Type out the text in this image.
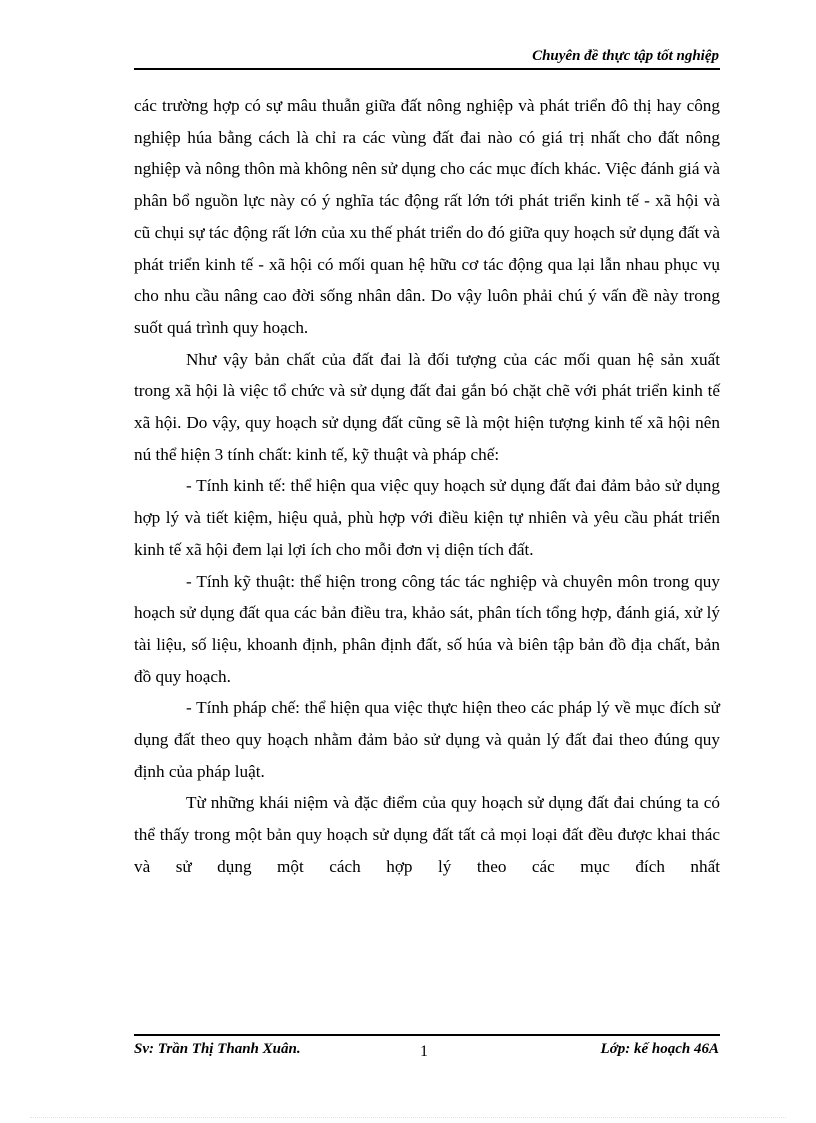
Chuyên đề thực tập tốt nghiệp

các trường hợp có sự mâu thuẫn giữa đất nông nghiệp và phát triển đô thị hay công nghiệp húa bằng cách là chỉ ra các vùng đất đai nào có giá trị nhất cho đất nông nghiệp và nông thôn mà không nên sử dụng cho các mục đích khác. Việc đánh giá và phân bổ nguồn lực này có ý nghĩa tác động rất lớn tới phát triển kinh tế - xã hội và cũ chụi sự tác động rất lớn của xu thế phát triển do đó giữa quy hoạch sử dụng đất và phát triển kinh tế - xã hội có mối quan hệ hữu cơ tác động qua lại lẫn nhau phục vụ cho nhu cầu nâng cao đời sống nhân dân. Do vậy luôn phải chú ý vấn đề này trong suốt quá trình quy hoạch.

Như vậy bản chất của đất đai là đối tượng của các mối quan hệ sản xuất trong xã hội là việc tổ chức và sử dụng đất đai gắn bó chặt chẽ với phát triển kinh tế xã hội. Do vậy, quy hoạch sử dụng đất cũng sẽ là một hiện tượng kinh tế xã hội nên nú thể hiện 3 tính chất: kinh tế, kỹ thuật và pháp chế:

- Tính kinh tế: thể hiện qua việc quy hoạch sử dụng đất đai đảm bảo sử dụng hợp lý và tiết kiệm, hiệu quả, phù hợp với điều kiện tự nhiên và yêu cầu phát triển kinh tế xã hội đem lại lợi ích cho mỗi đơn vị diện tích đất.

- Tính kỹ thuật: thể hiện trong công tác tác nghiệp và chuyên môn trong quy hoạch sử dụng đất qua các bản điều tra, khảo sát, phân tích tổng hợp, đánh giá, xử lý tài liệu, số liệu, khoanh định, phân định đất, số húa và biên tập bản đồ địa chất, bản đồ quy hoạch.

- Tính pháp chế: thể hiện qua việc thực hiện theo các pháp lý về mục đích sử dụng đất theo quy hoạch nhằm đảm bảo sử dụng và quản lý đất đai theo đúng quy định của pháp luật.

Từ những khái niệm và đặc điểm của quy hoạch sử dụng đất đai chúng ta có thể thấy trong một bản quy hoạch sử dụng đất tất cả mọi loại đất đều được khai thác và sử dụng một cách hợp lý theo các mục đích nhất

Sv: Trần Thị Thanh Xuân.	1	Lớp: kế hoạch 46A
